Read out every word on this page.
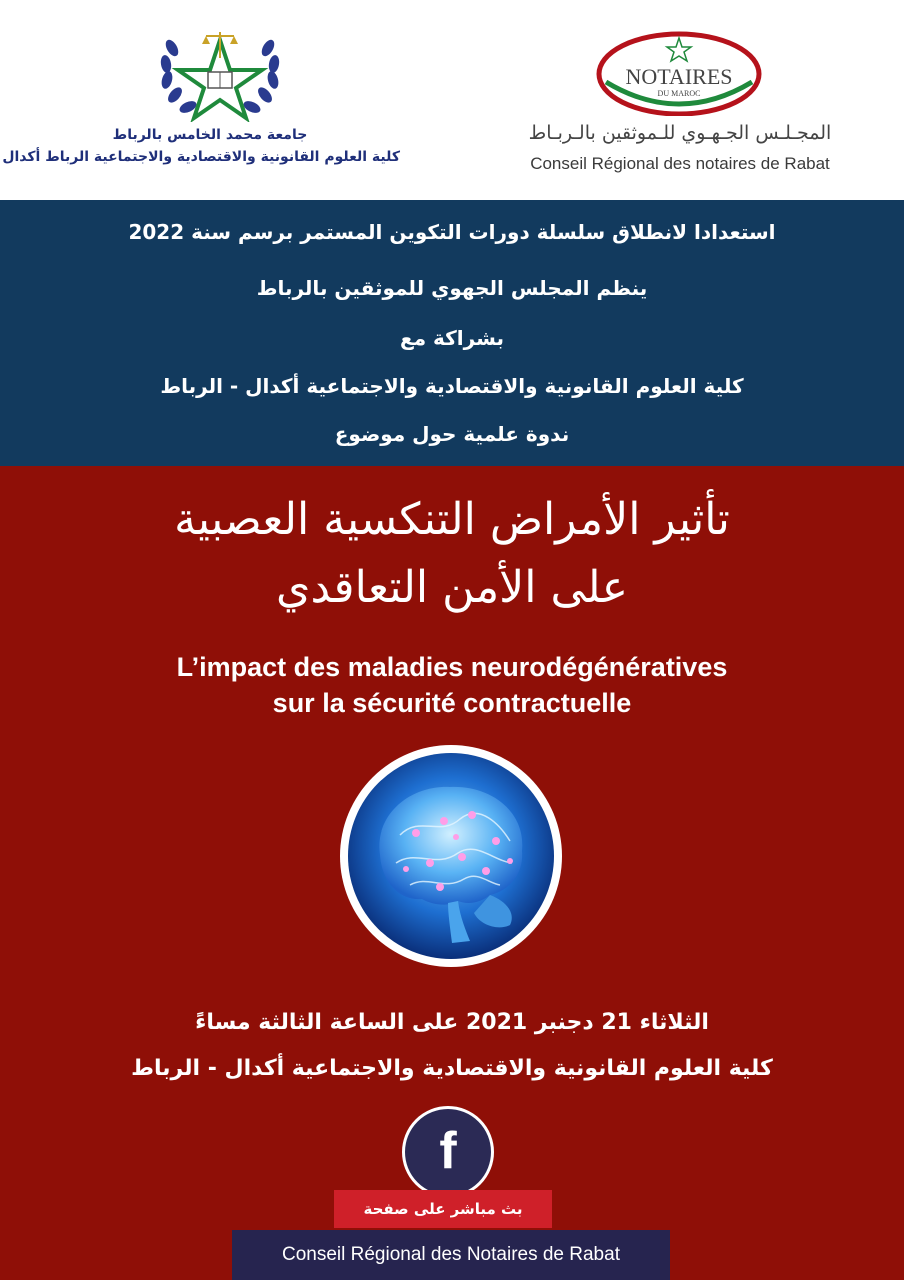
جامعة محمد الخامس بالرباط
كلية العلوم القانونية والاقتصادية والاجتماعية الرباط أكدال
NOTAIRES
DU MAROC
المجـلـس الجـهـوي للـموثقين بالـربـاط
Conseil Régional des notaires de Rabat
استعدادا لانطلاق سلسلة دورات التكوين المستمر برسم سنة 2022
ينظم المجلس الجهوي للموثقين بالرباط
بشراكة مع
كلية العلوم القانونية والاقتصادية والاجتماعية أكدال - الرباط
ندوة علمية حول موضوع
تأثير الأمراض التنكسية العصبية
على الأمن التعاقدي
L’impact des maladies neurodégénératives
sur la sécurité contractuelle
الثلاثاء 21 دجنبر 2021 على الساعة الثالثة مساءً
كلية العلوم القانونية والاقتصادية والاجتماعية أكدال - الرباط
f
بث مباشر على صفحة
Conseil Régional des Notaires de Rabat
